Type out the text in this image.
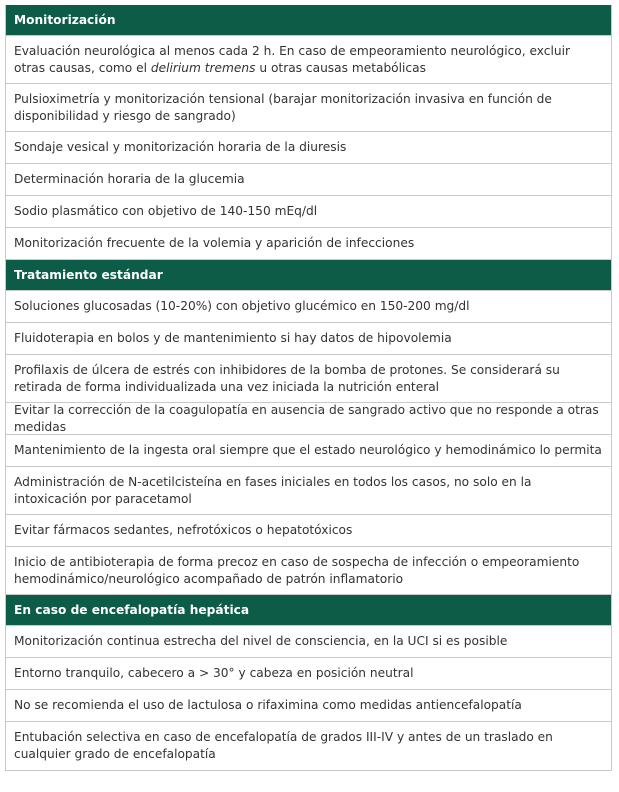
Monitorización
Evaluación neurológica al menos cada 2 h. En caso de empeoramiento neurológico, excluir otras causas, como el delirium tremens u otras causas metabólicas
Pulsioximetría y monitorización tensional (barajar monitorización invasiva en función de disponibilidad y riesgo de sangrado)
Sondaje vesical y monitorización horaria de la diuresis
Determinación horaria de la glucemia
Sodio plasmático con objetivo de 140-150 mEq/dl
Monitorización frecuente de la volemia y aparición de infecciones
Tratamiento estándar
Soluciones glucosadas (10-20%) con objetivo glucémico en 150-200 mg/dl
Fluidoterapia en bolos y de mantenimiento si hay datos de hipovolemia
Profilaxis de úlcera de estrés con inhibidores de la bomba de protones. Se considerará su retirada de forma individualizada una vez iniciada la nutrición enteral
Evitar la corrección de la coagulopatía en ausencia de sangrado activo que no responde a otras medidas
Mantenimiento de la ingesta oral siempre que el estado neurológico y hemodinámico lo permita
Administración de N-acetilcisteína en fases iniciales en todos los casos, no solo en la intoxicación por paracetamol
Evitar fármacos sedantes, nefrotóxicos o hepatotóxicos
Inicio de antibioterapia de forma precoz en caso de sospecha de infección o empeoramiento hemodinámico/neurológico acompañado de patrón inflamatorio
En caso de encefalopatía hepática
Monitorización continua estrecha del nivel de consciencia, en la UCI si es posible
Entorno tranquilo, cabecero a > 30° y cabeza en posición neutral
No se recomienda el uso de lactulosa o rifaximina como medidas antiencefalopatía
Entubación selectiva en caso de encefalopatía de grados III-IV y antes de un traslado en cualquier grado de encefalopatía
